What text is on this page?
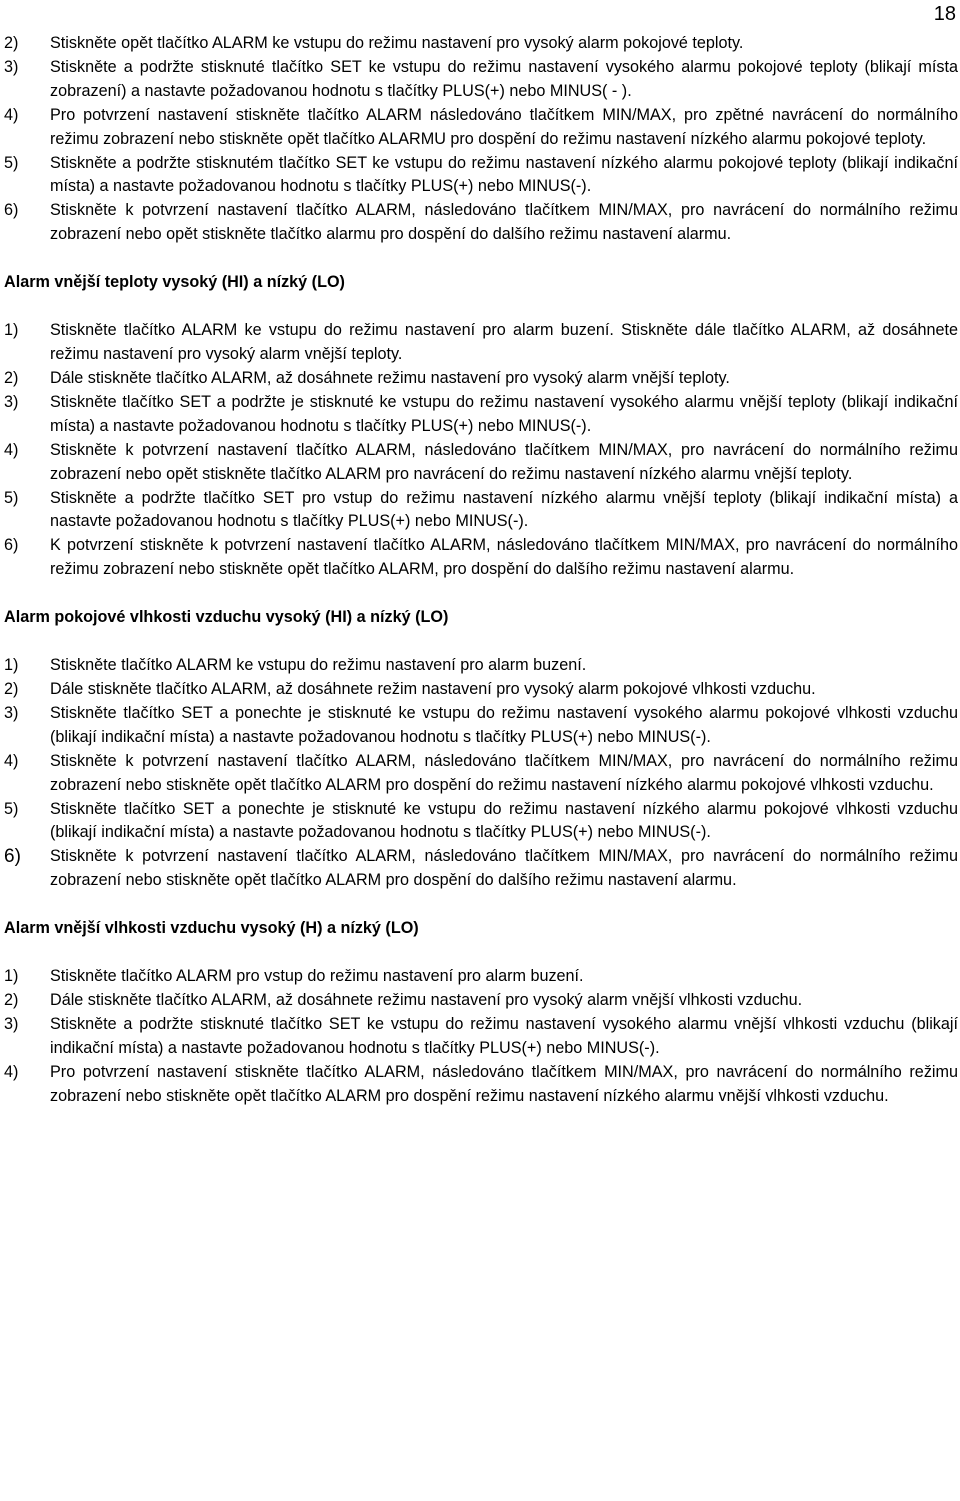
18
2) Stiskněte opět tlačítko ALARM ke vstupu do režimu nastavení pro vysoký alarm pokojové teploty.
3) Stiskněte a podržte stisknuté tlačítko SET ke vstupu do režimu nastavení vysokého alarmu pokojové teploty (blikají místa zobrazení) a nastavte požadovanou hodnotu s tlačítky PLUS(+) nebo MINUS( - ).
4) Pro potvrzení nastavení stiskněte tlačítko ALARM následováno tlačítkem MIN/MAX, pro zpětné navrácení do normálního režimu zobrazení nebo stiskněte opět tlačítko ALARMU pro dospění do režimu nastavení nízkého alarmu pokojové teploty.
5) Stiskněte a podržte stisknutém tlačítko SET ke vstupu do režimu nastavení nízkého alarmu pokojové teploty (blikají indikační místa) a nastavte požadovanou hodnotu s tlačítky PLUS(+) nebo MINUS(-).
6) Stiskněte k potvrzení nastavení tlačítko ALARM, následováno tlačítkem MIN/MAX, pro navrácení do normálního režimu zobrazení nebo opět stiskněte tlačítko alarmu pro dospění do dalšího režimu nastavení alarmu.
Alarm vnější teploty vysoký (HI) a nízký (LO)
1) Stiskněte tlačítko ALARM ke vstupu do režimu nastavení pro alarm buzení. Stiskněte dále tlačítko ALARM, až dosáhnete režimu nastavení pro vysoký alarm vnější teploty.
2) Dále stiskněte tlačítko ALARM, až dosáhnete režimu nastavení pro vysoký alarm vnější teploty.
3) Stiskněte tlačítko SET a podržte je stisknuté ke vstupu do režimu nastavení vysokého alarmu vnější teploty (blikají indikační místa) a nastavte požadovanou hodnotu s tlačítky PLUS(+) nebo MINUS(-).
4) Stiskněte k potvrzení nastavení tlačítko ALARM, následováno tlačítkem MIN/MAX, pro navrácení do normálního režimu zobrazení nebo opět stiskněte tlačítko ALARM pro navrácení do režimu nastavení nízkého alarmu vnější teploty.
5) Stiskněte a podržte tlačítko SET pro vstup do režimu nastavení nízkého alarmu vnější teploty (blikají indikační místa) a nastavte požadovanou hodnotu s tlačítky PLUS(+) nebo MINUS(-).
6) K potvrzení stiskněte k potvrzení nastavení tlačítko ALARM, následováno tlačítkem MIN/MAX, pro navrácení do normálního režimu zobrazení nebo stiskněte opět tlačítko ALARM, pro dospění do dalšího režimu nastavení alarmu.
Alarm pokojové vlhkosti vzduchu vysoký (HI) a nízký (LO)
1) Stiskněte tlačítko ALARM ke vstupu do režimu nastavení pro alarm buzení.
2) Dále stiskněte tlačítko ALARM, až dosáhnete režim nastavení pro vysoký alarm pokojové vlhkosti vzduchu.
3) Stiskněte tlačítko SET a ponechte je stisknuté ke vstupu do režimu nastavení vysokého alarmu pokojové vlhkosti vzduchu (blikají indikační místa) a nastavte požadovanou hodnotu s tlačítky PLUS(+) nebo MINUS(-).
4) Stiskněte k potvrzení nastavení tlačítko ALARM, následováno tlačítkem MIN/MAX, pro navrácení do normálního režimu zobrazení nebo stiskněte opět tlačítko ALARM pro dospění do režimu nastavení nízkého alarmu pokojové vlhkosti vzduchu.
5) Stiskněte tlačítko SET a ponechte je stisknuté ke vstupu do režimu nastavení nízkého alarmu pokojové vlhkosti vzduchu (blikají indikační místa) a nastavte požadovanou hodnotu s tlačítky PLUS(+) nebo MINUS(-).
6) Stiskněte k potvrzení nastavení tlačítko ALARM, následováno tlačítkem MIN/MAX, pro navrácení do normálního režimu zobrazení nebo stiskněte opět tlačítko ALARM pro dospění do dalšího režimu nastavení alarmu.
Alarm vnější vlhkosti vzduchu vysoký (H) a nízký (LO)
1) Stiskněte tlačítko ALARM pro vstup do režimu nastavení pro alarm buzení.
2) Dále stiskněte tlačítko ALARM, až dosáhnete režimu nastavení pro vysoký alarm vnější vlhkosti vzduchu.
3) Stiskněte a podržte stisknuté tlačítko SET ke vstupu do režimu nastavení vysokého alarmu vnější vlhkosti vzduchu (blikají indikační místa) a nastavte požadovanou hodnotu s tlačítky PLUS(+) nebo MINUS(-).
4) Pro potvrzení nastavení stiskněte tlačítko ALARM, následováno tlačítkem MIN/MAX, pro navrácení do normálního režimu zobrazení nebo stiskněte opět tlačítko ALARM pro dospění režimu nastavení nízkého alarmu vnější vlhkosti vzduchu.
